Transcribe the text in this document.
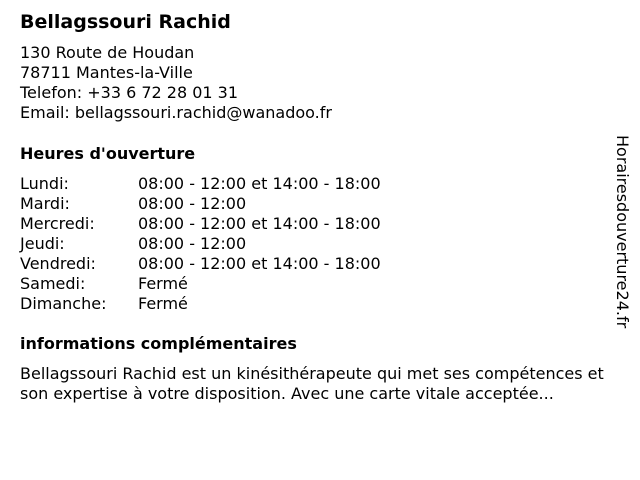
Bellagssouri Rachid
130 Route de Houdan
78711 Mantes-la-Ville
Telefon: +33 6 72 28 01 31
Email: bellagssouri.rachid@wanadoo.fr
Heures d'ouverture
Lundi:	08:00 - 12:00 et 14:00 - 18:00
Mardi:	08:00 - 12:00
Mercredi:	08:00 - 12:00 et 14:00 - 18:00
Jeudi:	08:00 - 12:00
Vendredi:	08:00 - 12:00 et 14:00 - 18:00
Samedi:	Fermé
Dimanche: Fermé
informations complémentaires
Bellagssouri Rachid est un kinésithérapeute qui met ses compétences et son expertise à votre disposition. Avec une carte vitale acceptée...
Horairesdouverture24.fr
